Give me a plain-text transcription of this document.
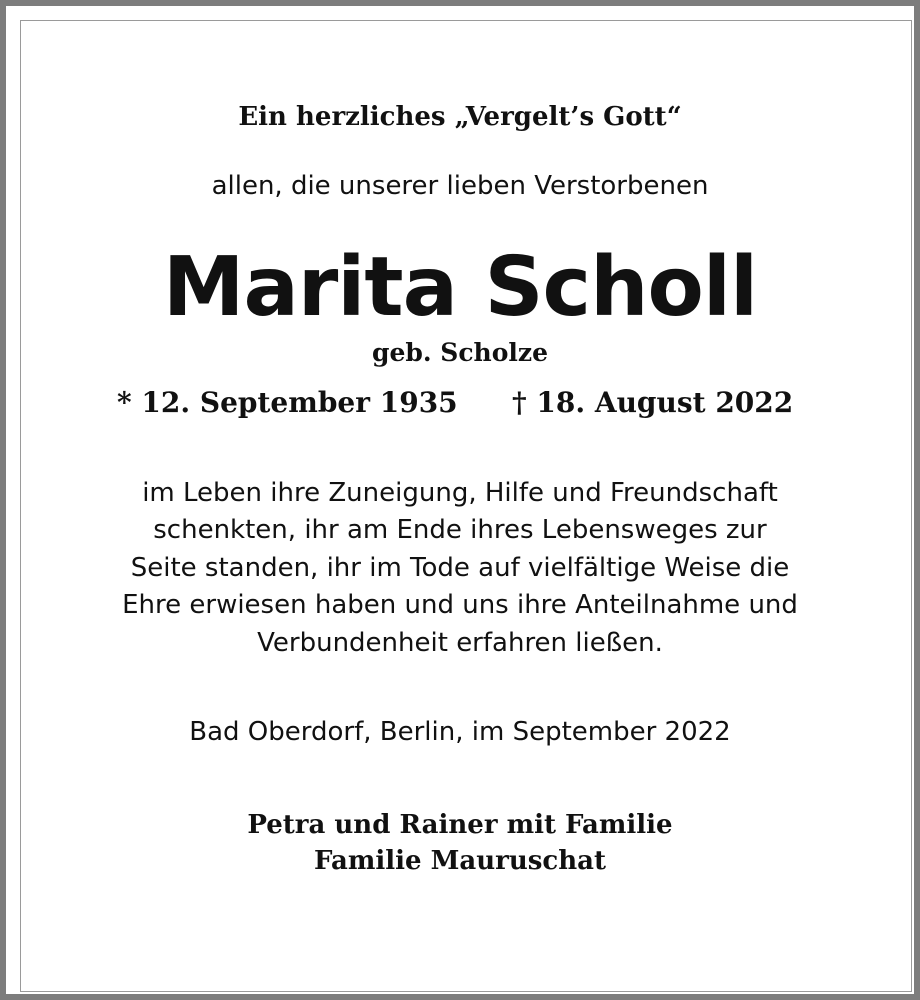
Ein herzliches „Vergelt’s Gott“
allen, die unserer lieben Verstorbenen
Marita Scholl
geb. Scholze
* 12. September 1935 † 18. August 2022
im Leben ihre Zuneigung, Hilfe und Freundschaft
schenkten, ihr am Ende ihres Lebensweges zur
Seite standen, ihr im Tode auf vielfältige Weise die
Ehre erwiesen haben und uns ihre Anteilnahme und
Verbundenheit erfahren ließen.
Bad Oberdorf, Berlin, im September 2022
Petra und Rainer mit Familie
Familie Mauruschat
